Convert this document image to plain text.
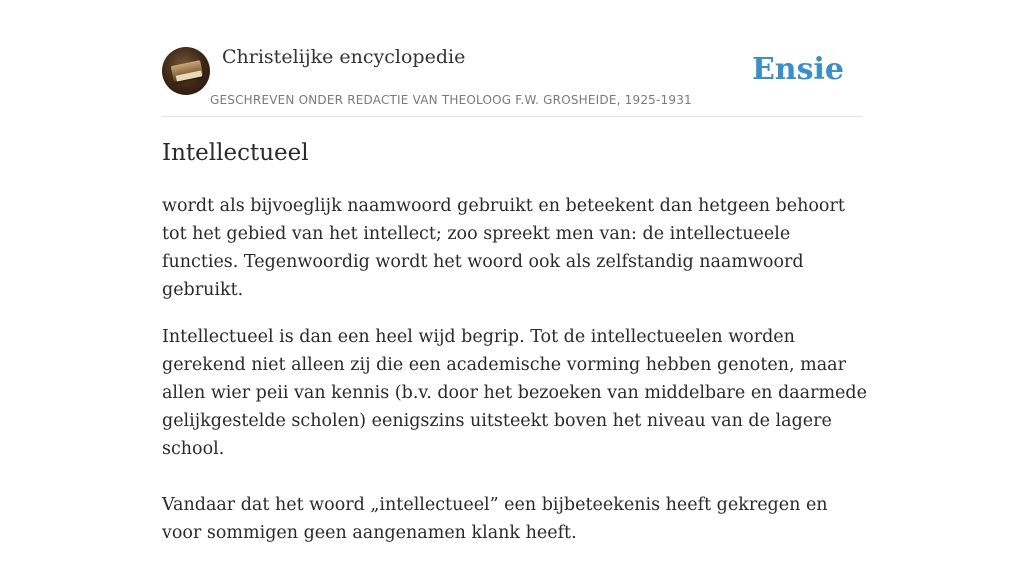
Christelijke encyclopedie
GESCHREVEN ONDER REDACTIE VAN THEOLOOG F.W. GROSHEIDE, 1925-1931
Ensie
Intellectueel

wordt als bijvoeglijk naamwoord gebruikt en beteekent dan hetgeen behoort tot het gebied van het intellect; zoo spreekt men van: de intellectueele functies. Tegenwoordig wordt het woord ook als zelfstandig naamwoord gebruikt.

Intellectueel is dan een heel wijd begrip. Tot de intellectueelen worden gerekend niet alleen zij die een academische vorming hebben genoten, maar allen wier peii van kennis (b.v. door het bezoeken van middelbare en daarmede gelijkgestelde scholen) eenigszins uitsteekt boven het niveau van de lagere school.

Vandaar dat het woord „intellectueel” een bijbeteekenis heeft gekregen en voor sommigen geen aangenamen klank heeft.
